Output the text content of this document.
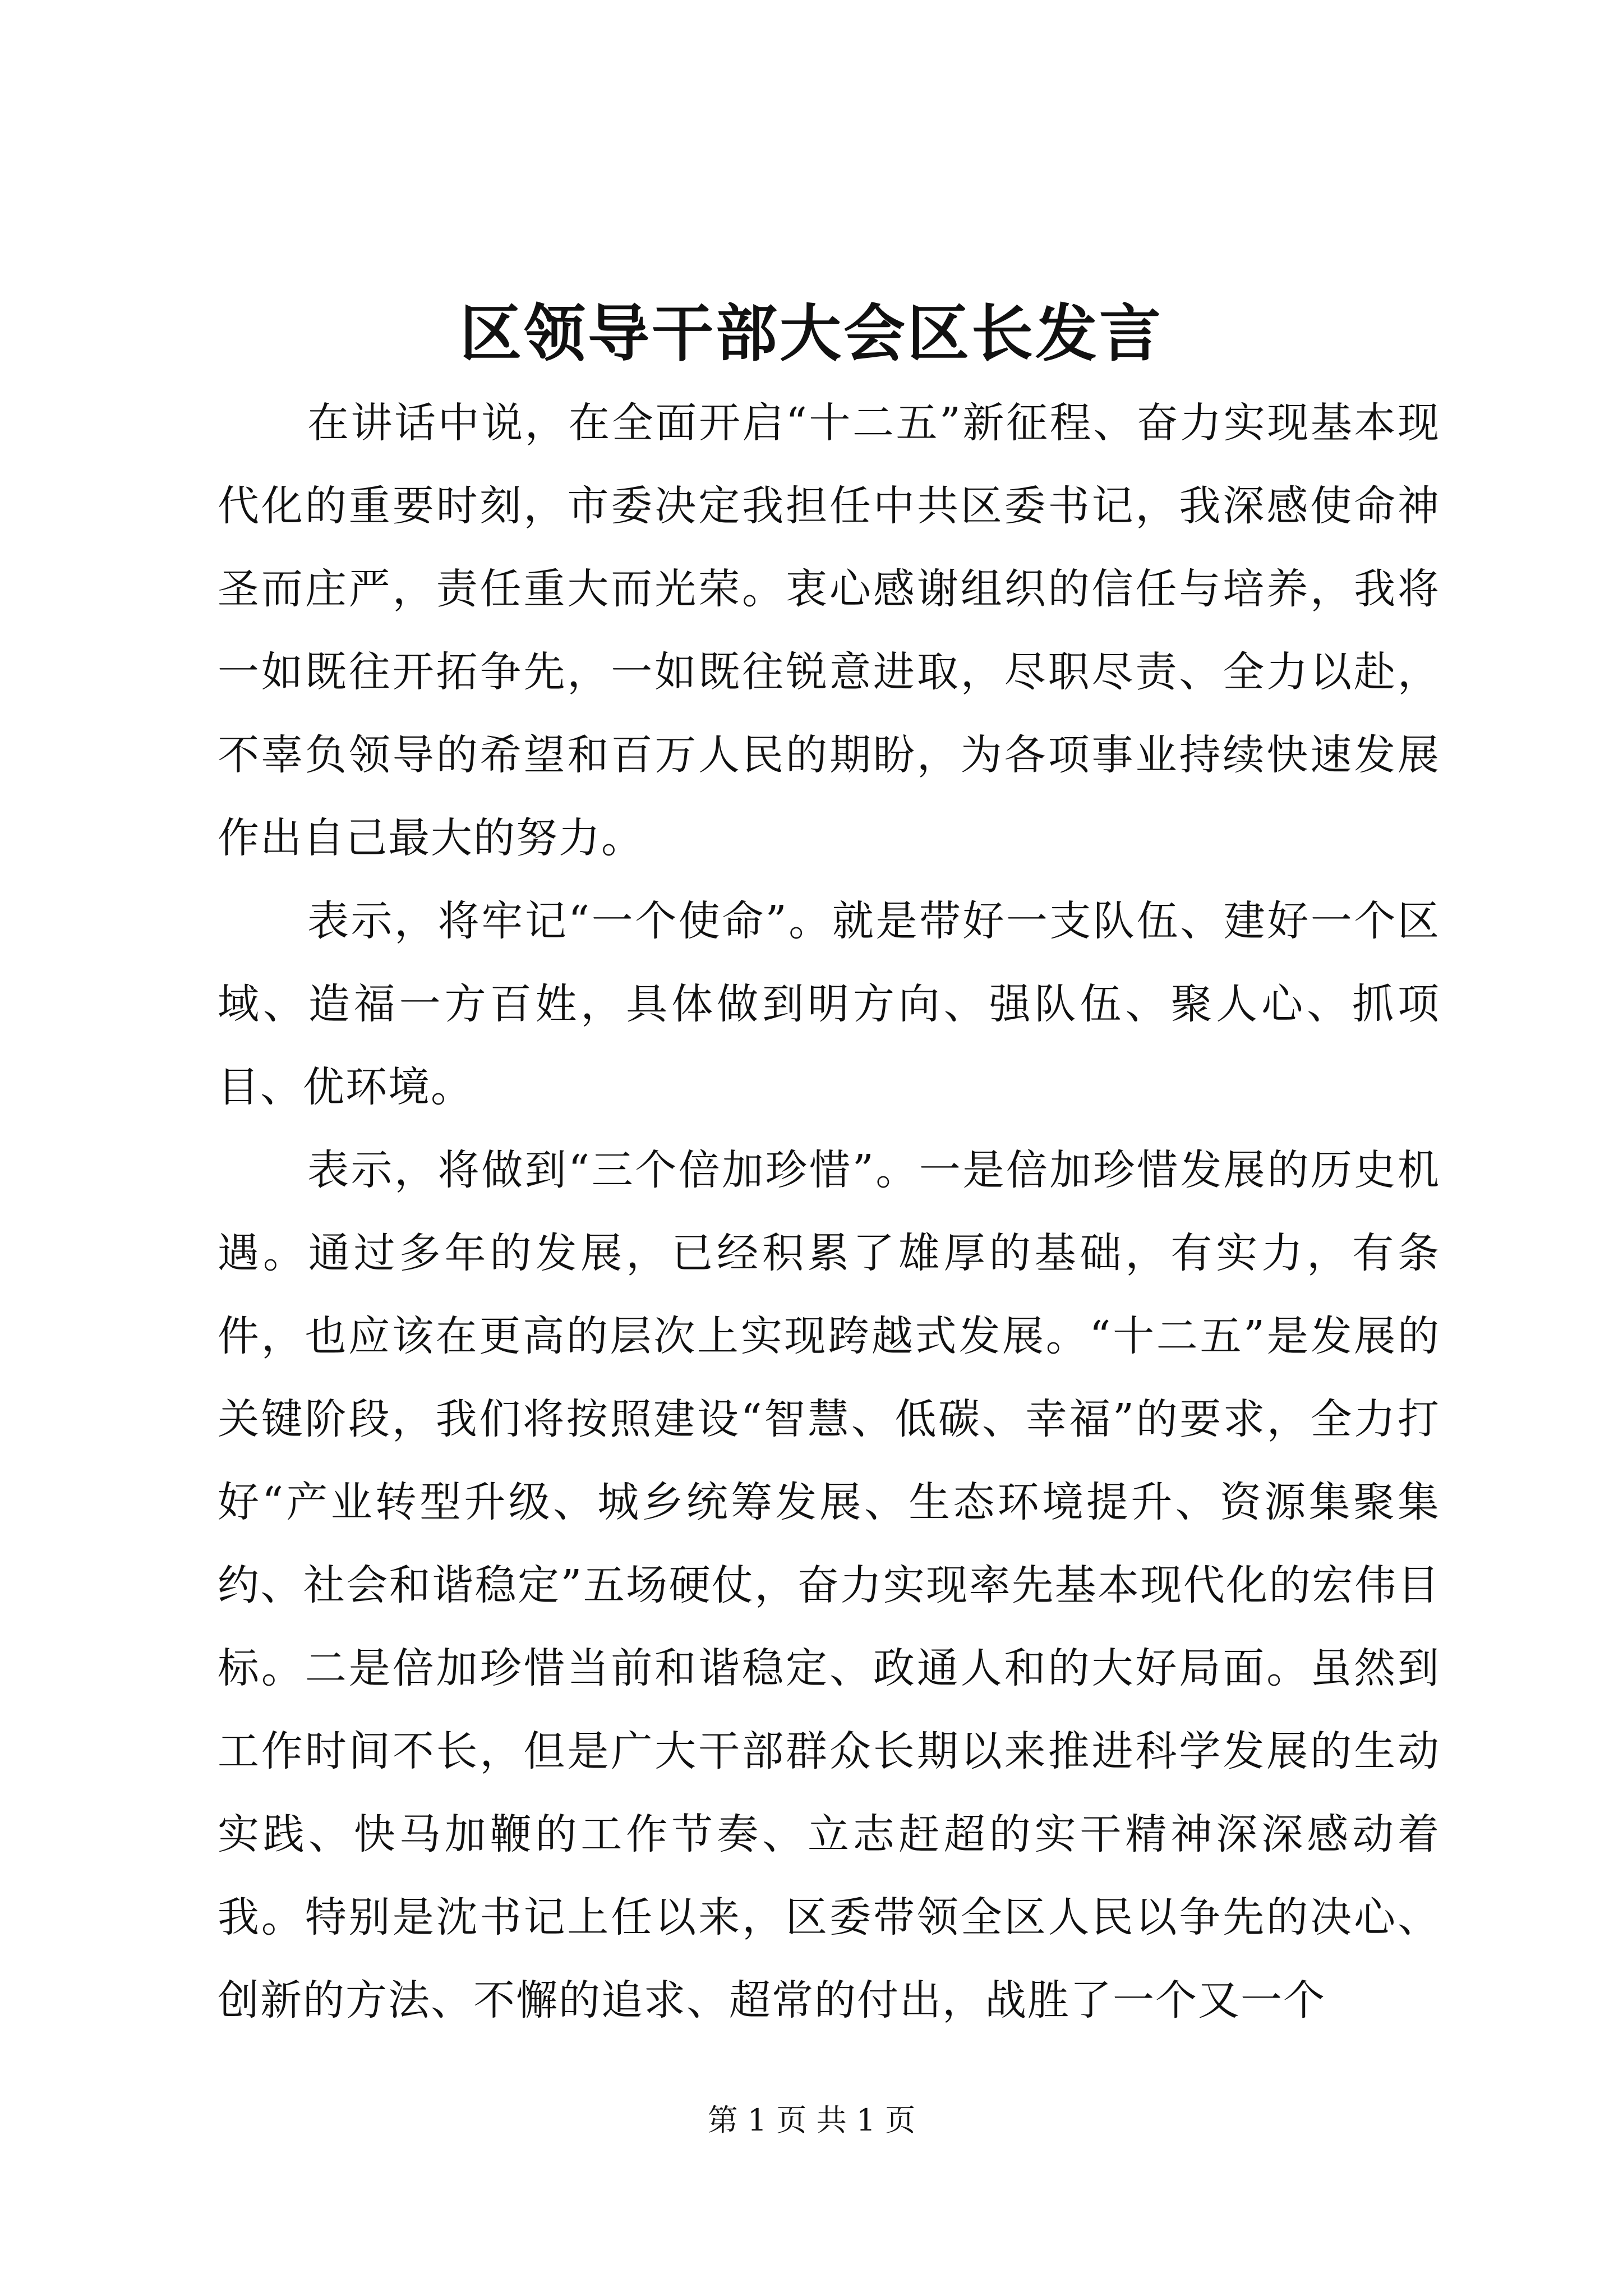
区领导干部大会区长发言

在讲话中说，在全面开启“十二五”新征程、奋力实现基本现代化的重要时刻，市委决定我担任中共区委书记，我深感使命神圣而庄严，责任重大而光荣。衷心感谢组织的信任与培养，我将一如既往开拓争先，一如既往锐意进取，尽职尽责、全力以赴，不辜负领导的希望和百万人民的期盼，为各项事业持续快速发展作出自己最大的努力。

表示，将牢记“一个使命”。就是带好一支队伍、建好一个区域、造福一方百姓，具体做到明方向、强队伍、聚人心、抓项目、优环境。

表示，将做到“三个倍加珍惜”。一是倍加珍惜发展的历史机遇。通过多年的发展，已经积累了雄厚的基础，有实力，有条件，也应该在更高的层次上实现跨越式发展。“十二五”是发展的关键阶段，我们将按照建设“智慧、低碳、幸福”的要求，全力打好“产业转型升级、城乡统筹发展、生态环境提升、资源集聚集约、社会和谐稳定”五场硬仗，奋力实现率先基本现代化的宏伟目标。二是倍加珍惜当前和谐稳定、政通人和的大好局面。虽然到工作时间不长，但是广大干部群众长期以来推进科学发展的生动实践、快马加鞭的工作节奏、立志赶超的实干精神深深感动着我。特别是沈书记上任以来，区委带领全区人民以争先的决心、创新的方法、不懈的追求、超常的付出，战胜了一个又一个

第 1 页 共 1 页
